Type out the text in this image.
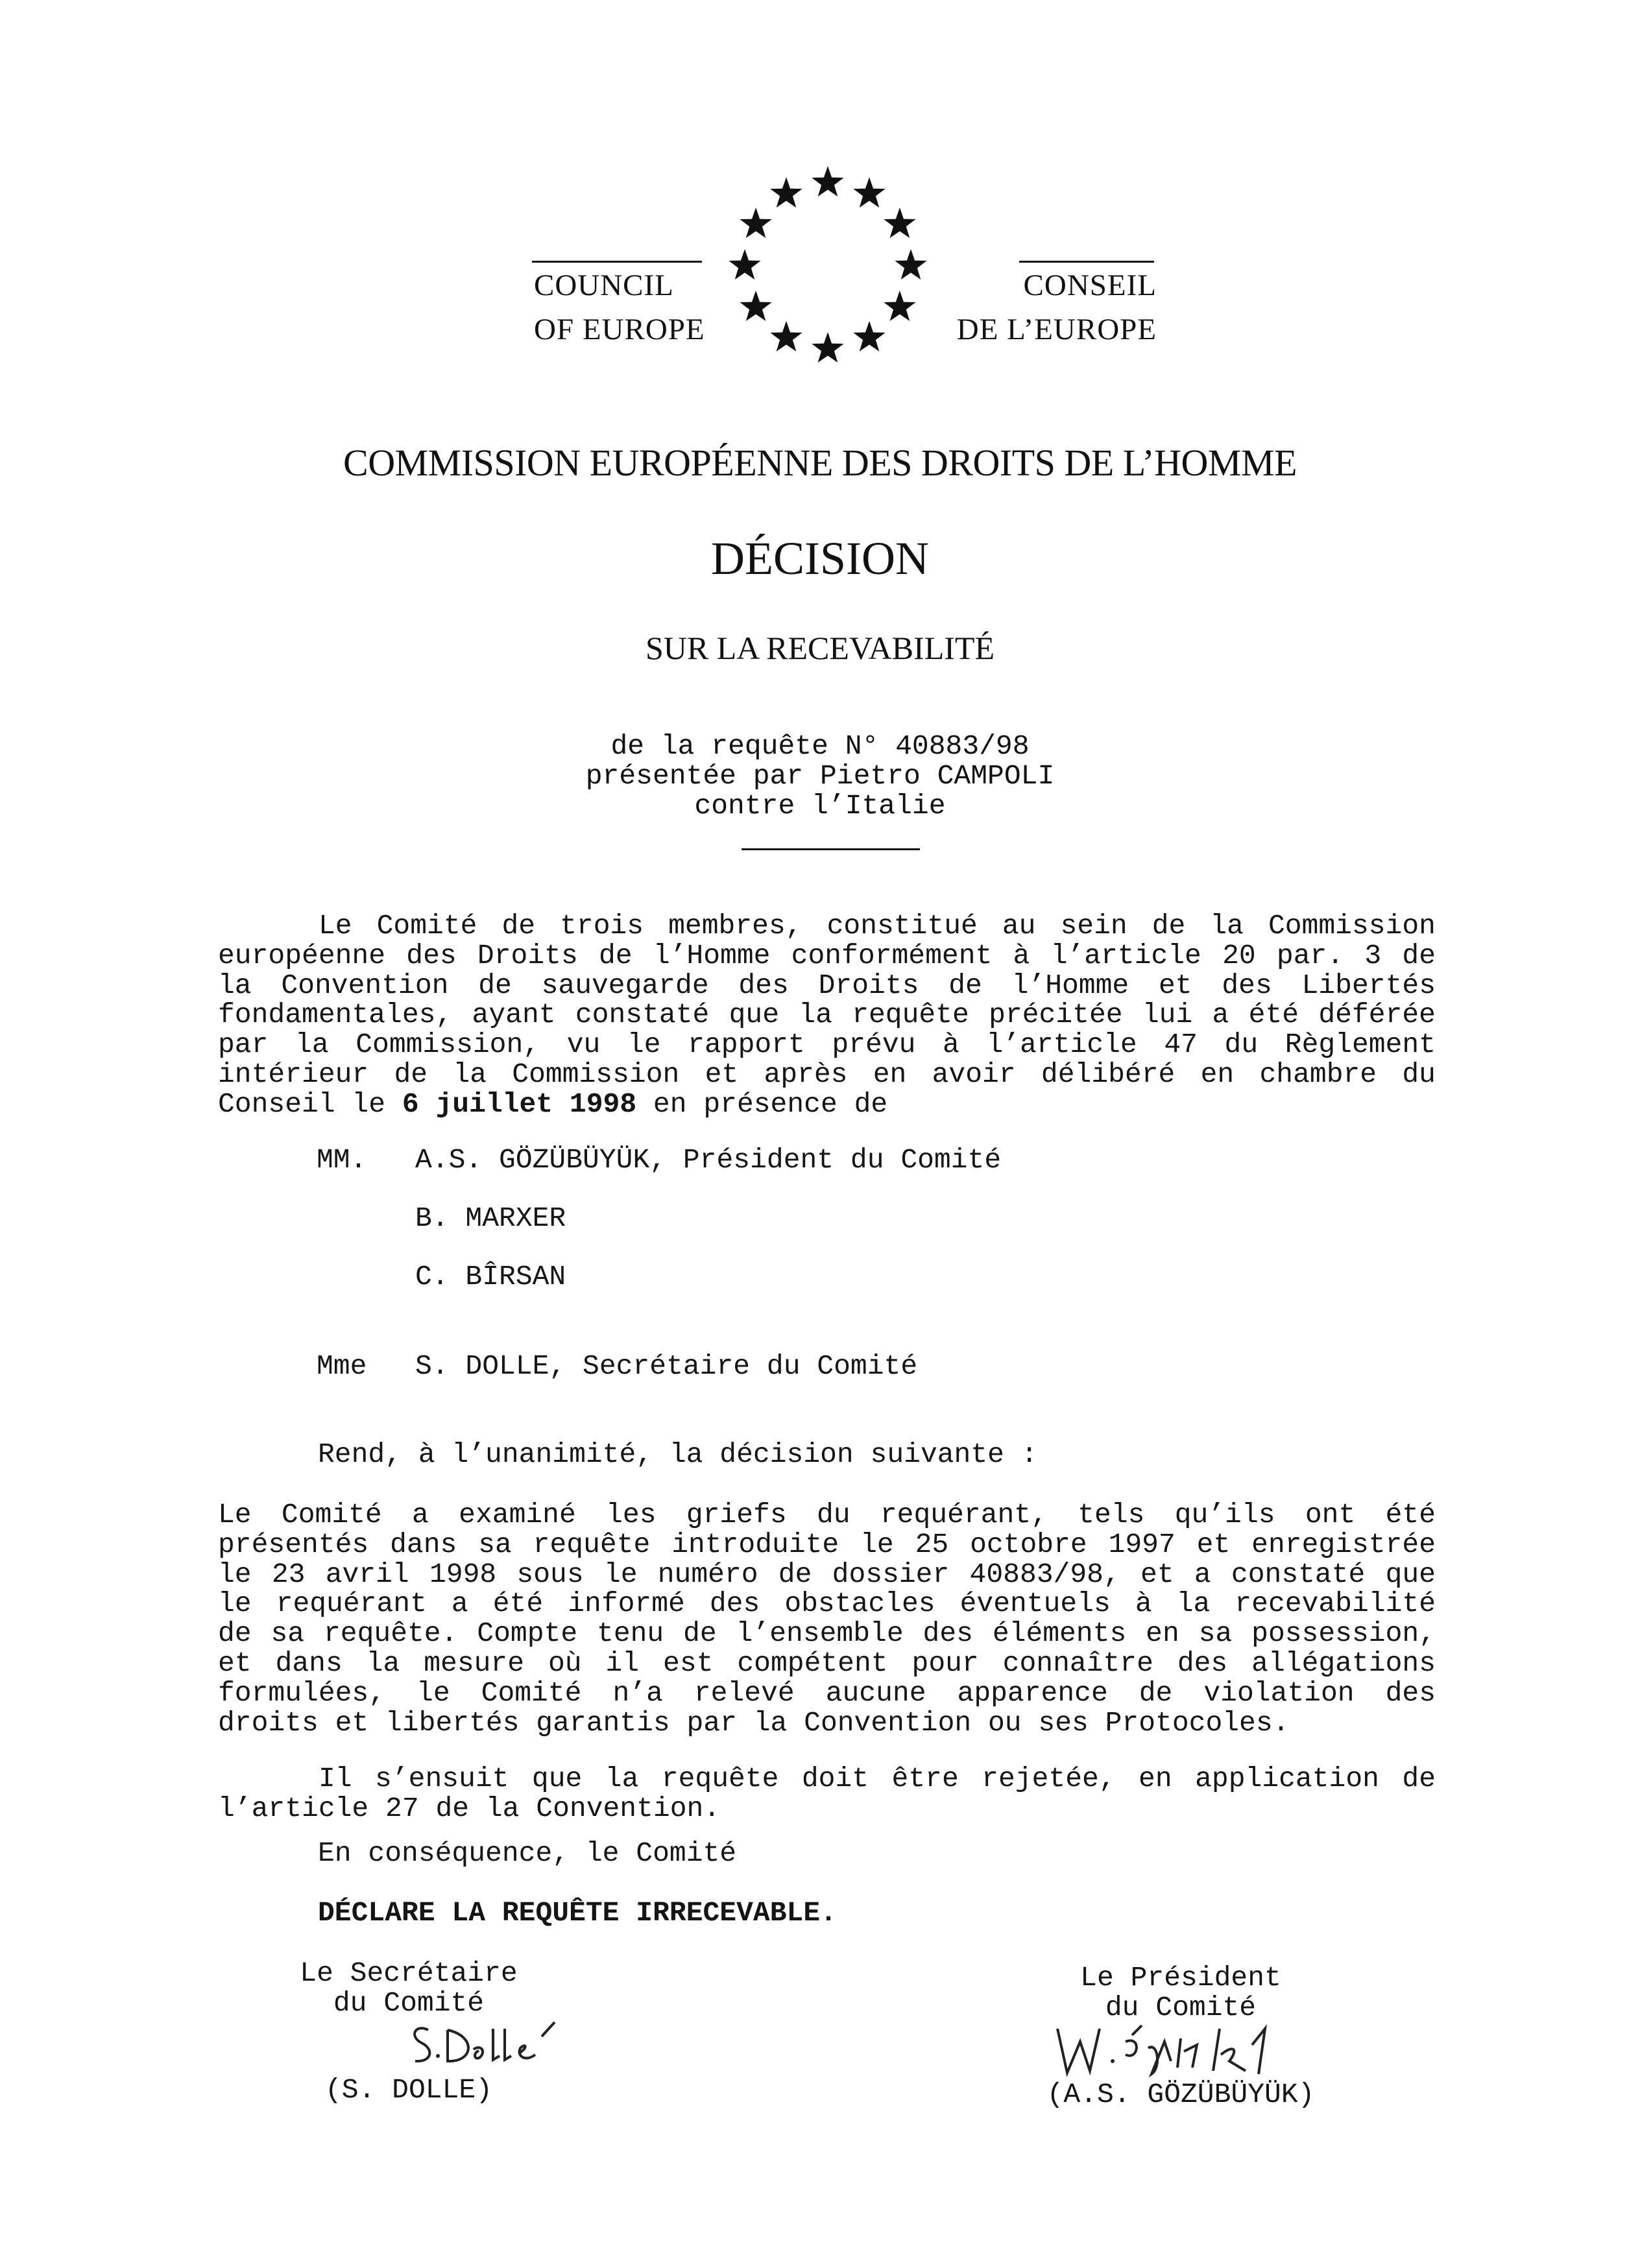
COUNCIL
OF EUROPE
CONSEIL
DE L’EUROPE
COMMISSION EUROPÉENNE DES DROITS DE L’HOMME
DÉCISION
SUR LA RECEVABILITÉ
de la requête N° 40883/98
présentée par Pietro CAMPOLI
contre l’Italie
Le Comité de trois membres, constitué au sein de la Commission
européenne des Droits de l’Homme conformément à l’article 20 par. 3 de
la Convention de sauvegarde des Droits de l’Homme et des Libertés
fondamentales, ayant constaté que la requête précitée lui a été déférée
par la Commission, vu le rapport prévu à l’article 47 du Règlement
intérieur de la Commission et après en avoir délibéré en chambre du
Conseil le 6 juillet 1998 en présence de
MM. A.S. GÖZÜBÜYÜK, Président du Comité
B. MARXER
C. BÎRSAN
Mme S. DOLLE, Secrétaire du Comité
Rend, à l’unanimité, la décision suivante :
Le Comité a examiné les griefs du requérant, tels qu’ils ont été
présentés dans sa requête introduite le 25 octobre 1997 et enregistrée
le 23 avril 1998 sous le numéro de dossier 40883/98, et a constaté que
le requérant a été informé des obstacles éventuels à la recevabilité
de sa requête. Compte tenu de l’ensemble des éléments en sa possession,
et dans la mesure où il est compétent pour connaître des allégations
formulées, le Comité n’a relevé aucune apparence de violation des
droits et libertés garantis par la Convention ou ses Protocoles.
Il s’ensuit que la requête doit être rejetée, en application de
l’article 27 de la Convention.
En conséquence, le Comité
DÉCLARE LA REQUÊTE IRRECEVABLE.
Le Secrétaire
du Comité
(S. DOLLE)
Le Président
du Comité
(A.S. GÖZÜBÜYÜK)
